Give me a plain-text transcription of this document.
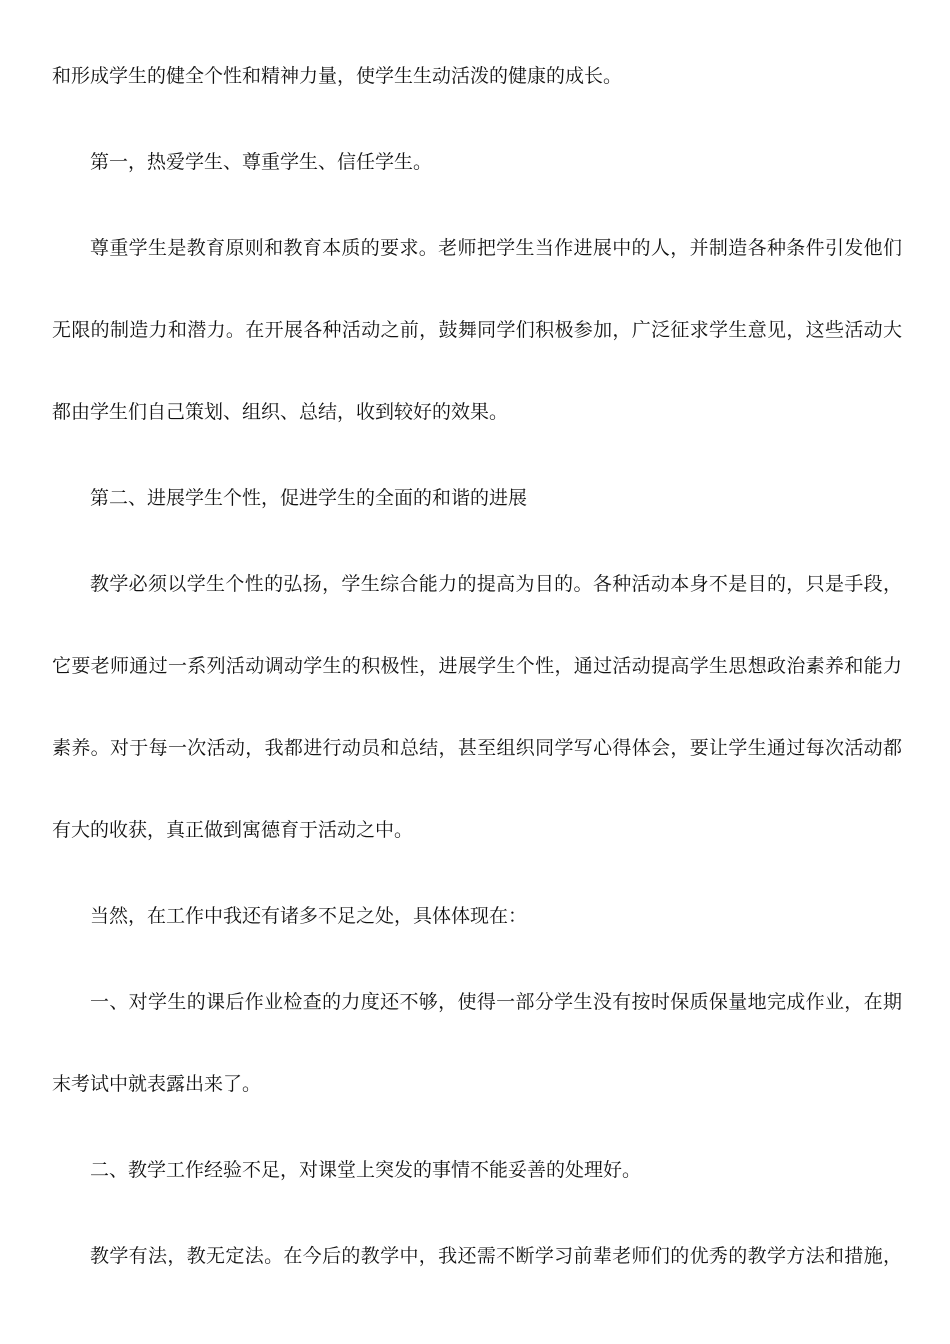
和形成学生的健全个性和精神力量，使学生生动活泼的健康的成长。
第一，热爱学生、尊重学生、信任学生。
尊重学生是教育原则和教育本质的要求。老师把学生当作进展中的人，并制造各种条件引发他们
无限的制造力和潜力。在开展各种活动之前，鼓舞同学们积极参加，广泛征求学生意见，这些活动大
都由学生们自己策划、组织、总结，收到较好的效果。
第二、进展学生个性，促进学生的全面的和谐的进展
教学必须以学生个性的弘扬，学生综合能力的提高为目的。各种活动本身不是目的，只是手段，
它要老师通过一系列活动调动学生的积极性，进展学生个性，通过活动提高学生思想政治素养和能力
素养。对于每一次活动，我都进行动员和总结，甚至组织同学写心得体会，要让学生通过每次活动都
有大的收获，真正做到寓德育于活动之中。
当然，在工作中我还有诸多不足之处，具体体现在：
一、对学生的课后作业检查的力度还不够，使得一部分学生没有按时保质保量地完成作业，在期
末考试中就表露出来了。
二、教学工作经验不足，对课堂上突发的事情不能妥善的处理好。
教学有法，教无定法。在今后的教学中，我还需不断学习前辈老师们的优秀的教学方法和措施，
